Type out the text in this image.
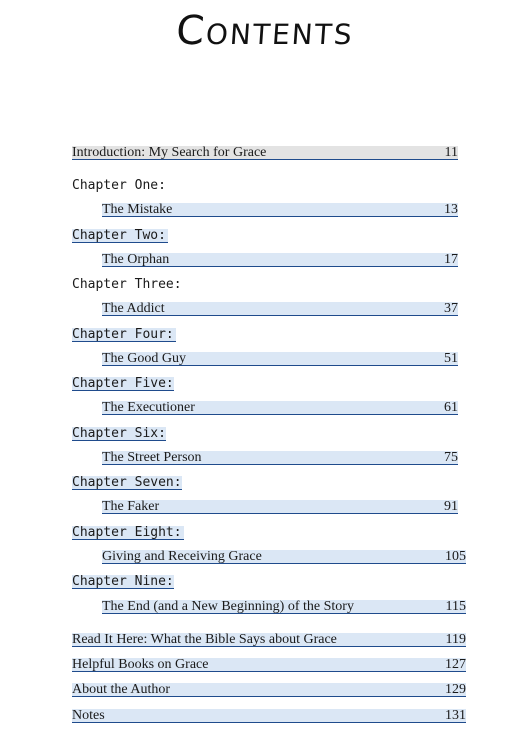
Contents
Introduction: My Search for Grace	11
Chapter One:
The Mistake	13
Chapter Two:
The Orphan	17
Chapter Three:
The Addict	37
Chapter Four:
The Good Guy	51
Chapter Five:
The Executioner	61
Chapter Six:
The Street Person	75
Chapter Seven:
The Faker	91
Chapter Eight:
Giving and Receiving Grace	105
Chapter Nine:
The End (and a New Beginning) of the Story	115
Read It Here: What the Bible Says about Grace	119
Helpful Books on Grace	127
About the Author	129
Notes	131
